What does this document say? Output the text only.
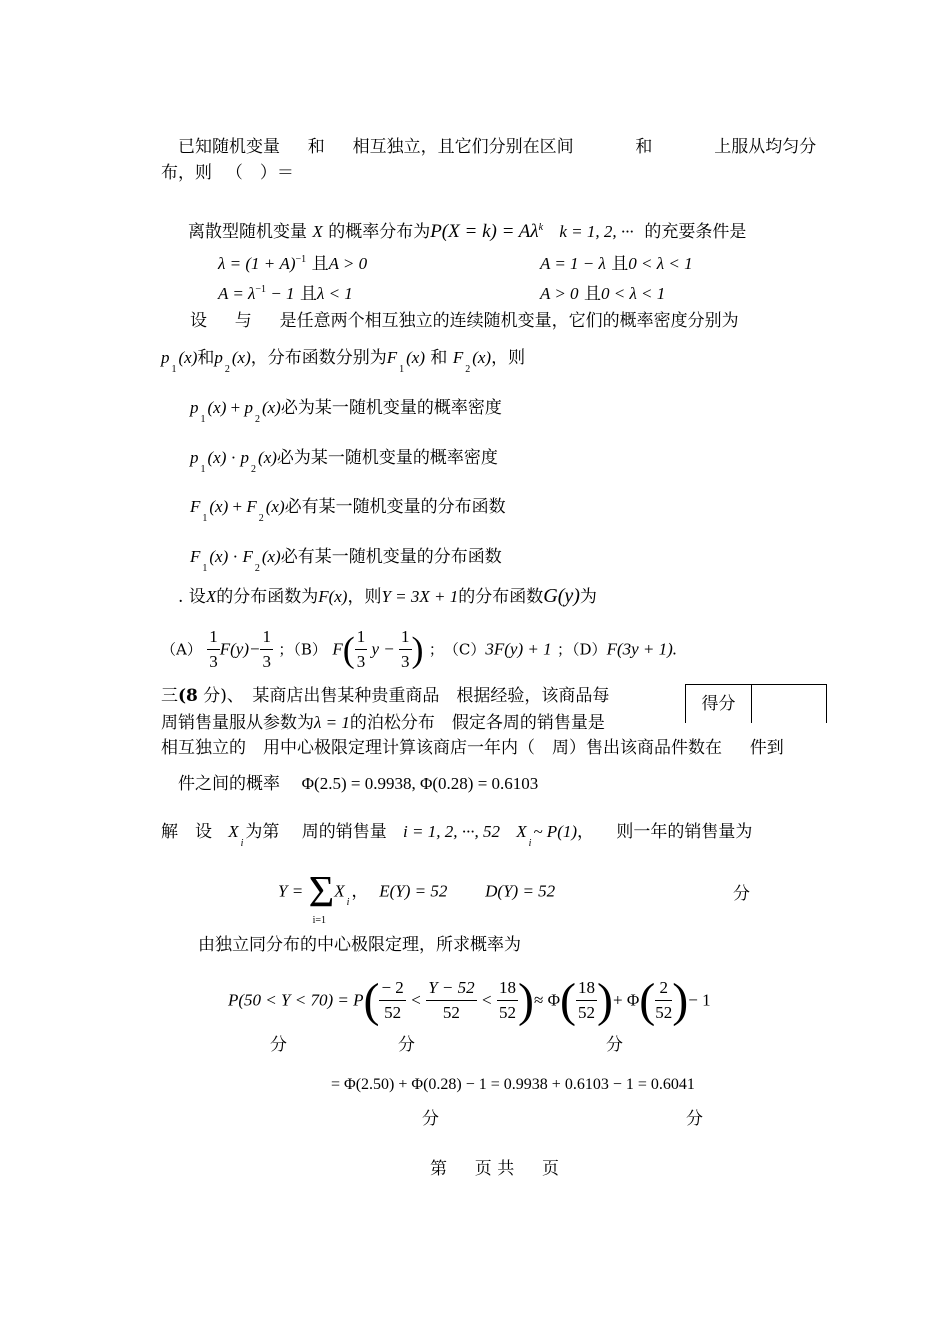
已知随机变量 　 和 　 相互独立，且它们分别在区间 　　　 和 　　　 上服从均匀分
布，则 　（　）＝
离散型随机变量 X 的概率分布为$P(X = k) = A\lambda^k$ k = 1, 2, ··· 的充要条件是
$\lambda = (1 + A)^{-1}$ 且A > 0	A = 1 − λ 且0 < λ < 1
$A = \lambda^{-1} - 1$ 且λ < 1	A > 0 且0 < λ < 1
设 　 与 　 是任意两个相互独立的连续随机变量，它们的概率密度分别为
$p_1(x)$和$p_2(x)$，分布函数分别为$F_1(x)$ 和 $F_2(x)$，则
$p_1(x) + p_2(x)$必为某一随机变量的概率密度
$p_1(x) \cdot p_2(x)$必为某一随机变量的概率密度
$F_1(x) + F_2(x)$必有某一随机变量的分布函数
$F_1(x) \cdot F_2(x)$必有某一随机变量的分布函数
. 设X的分布函数为F(x)，则Y = 3X + 1的分布函数G(y)为
$(A) \frac{1}{3} F(y)- \frac{1}{3}$ ；（B） $F( \frac{1}{3}$ $y - \frac{1}{3}$ ) ；　（C）3F(y) + 1 ；（D）F(3y + 1).
三(8 分)、　某商店出售某种贵重商品　根据经验，该商品每	得分
周销售量服从参数为λ = 1的泊松分布　假定各周的销售量是
相互独立的　用中心极限定理计算该商店一年内（　周）售出该商品件数在 　 件到
件之间的概率 Φ(2.5) = 0.9938, Φ(0.28) = 0.6103
解　设 $X_i$为第　 周的销售量 i = 1, 2, ···, 52 $X_i\sim$ P(1)， 　则一年的销售量为
Y = Σ
i=1
$X_i$，  E(Y) = 52 D(Y) = 52	分
由独立同分布的中心极限定理，所求概率为
$P(50 < Y < 70) = P( \frac{- 2}{52} < \frac{Y - 52}{52} < \frac{18}{52}$ )≈ $\Phi( \frac{18}{52}$ )+ $\Phi( \frac{2}{52}$ )− 1
分	分	分
= Φ(2.50) + Φ(0.28) − 1 = 0.9938 + 0.6103 − 1 = 0.6041
分	分
第 　 页 共 　 页
